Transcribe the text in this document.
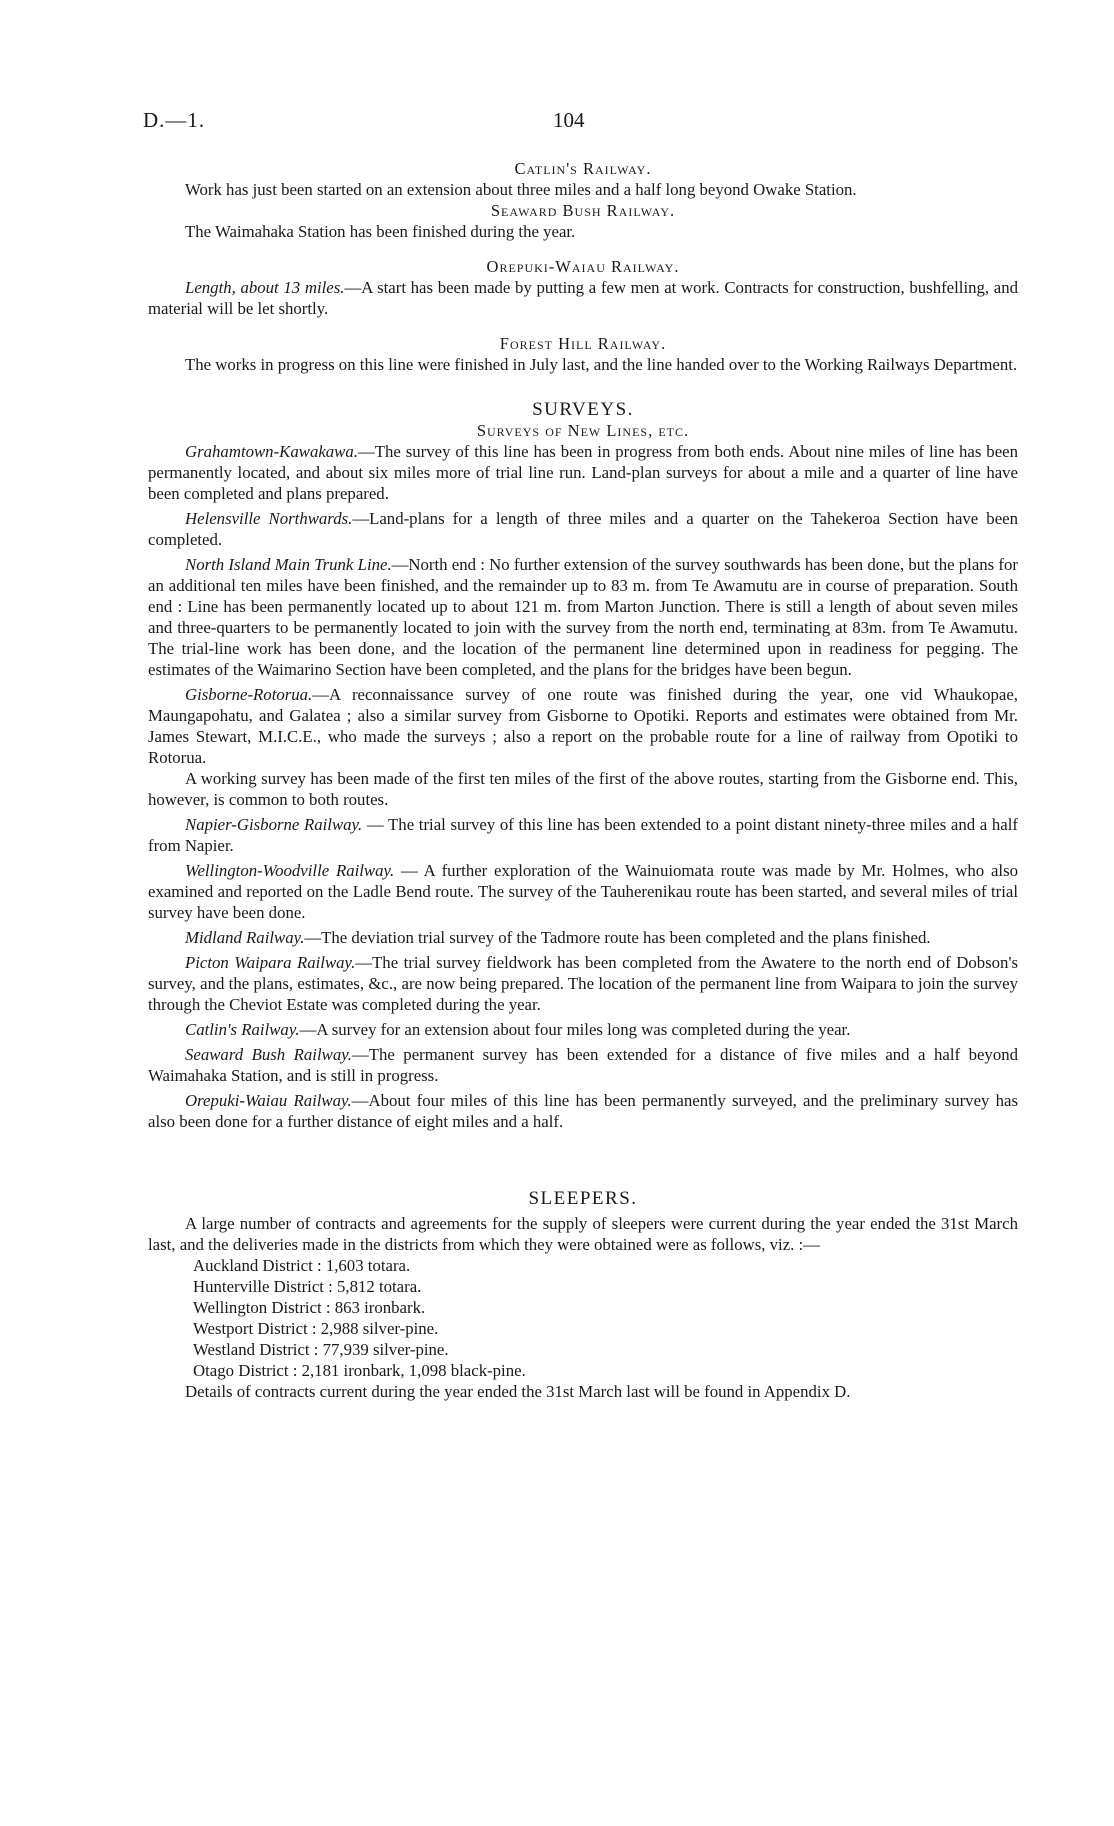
D.—1.	104

Catlin's Railway.

Work has just been started on an extension about three miles and a half long beyond Owake Station.

Seaward Bush Railway.

The Waimahaka Station has been finished during the year.

Orepuki-Waiau Railway.

Length, about 13 miles.—A start has been made by putting a few men at work. Contracts for construction, bushfelling, and material will be let shortly.

Forest Hill Railway.

The works in progress on this line were finished in July last, and the line handed over to the Working Railways Department.

SURVEYS.

Surveys of New Lines, etc.

Grahamtown-Kawakawa.—The survey of this line has been in progress from both ends. About nine miles of line has been permanently located, and about six miles more of trial line run. Land-plan surveys for about a mile and a quarter of line have been completed and plans prepared.

Helensville Northwards.—Land-plans for a length of three miles and a quarter on the Tahekeroa Section have been completed.

North Island Main Trunk Line.—North end : No further extension of the survey southwards has been done, but the plans for an additional ten miles have been finished, and the remainder up to 83 m. from Te Awamutu are in course of preparation. South end : Line has been permanently located up to about 121 m. from Marton Junction. There is still a length of about seven miles and three-quarters to be permanently located to join with the survey from the north end, terminating at 83m. from Te Awamutu. The trial-line work has been done, and the location of the permanent line determined upon in readiness for pegging. The estimates of the Waimarino Section have been completed, and the plans for the bridges have been begun.

Gisborne-Rotorua.—A reconnaissance survey of one route was finished during the year, one vid Whaukopae, Maungapohatu, and Galatea ; also a similar survey from Gisborne to Opotiki. Reports and estimates were obtained from Mr. James Stewart, M.I.C.E., who made the surveys ; also a report on the probable route for a line of railway from Opotiki to Rotorua.

A working survey has been made of the first ten miles of the first of the above routes, starting from the Gisborne end. This, however, is common to both routes.

Napier-Gisborne Railway. — The trial survey of this line has been extended to a point distant ninety-three miles and a half from Napier.

Wellington-Woodville Railway. — A further exploration of the Wainuiomata route was made by Mr. Holmes, who also examined and reported on the Ladle Bend route. The survey of the Tauherenikau route has been started, and several miles of trial survey have been done.

Midland Railway.—The deviation trial survey of the Tadmore route has been completed and the plans finished.

Picton Waipara Railway.—The trial survey fieldwork has been completed from the Awatere to the north end of Dobson's survey, and the plans, estimates, &c., are now being prepared. The location of the permanent line from Waipara to join the survey through the Cheviot Estate was completed during the year.

Catlin's Railway.—A survey for an extension about four miles long was completed during the year.

Seaward Bush Railway.—The permanent survey has been extended for a distance of five miles and a half beyond Waimahaka Station, and is still in progress.

Orepuki-Waiau Railway.—About four miles of this line has been permanently surveyed, and the preliminary survey has also been done for a further distance of eight miles and a half.

SLEEPERS.

A large number of contracts and agreements for the supply of sleepers were current during the year ended the 31st March last, and the deliveries made in the districts from which they were obtained were as follows, viz. :—

Auckland District : 1,603 totara.

Hunterville District : 5,812 totara.

Wellington District : 863 ironbark.

Westport District : 2,988 silver-pine.

Westland District : 77,939 silver-pine.

Otago District : 2,181 ironbark, 1,098 black-pine.

Details of contracts current during the year ended the 31st March last will be found in Appendix D.
